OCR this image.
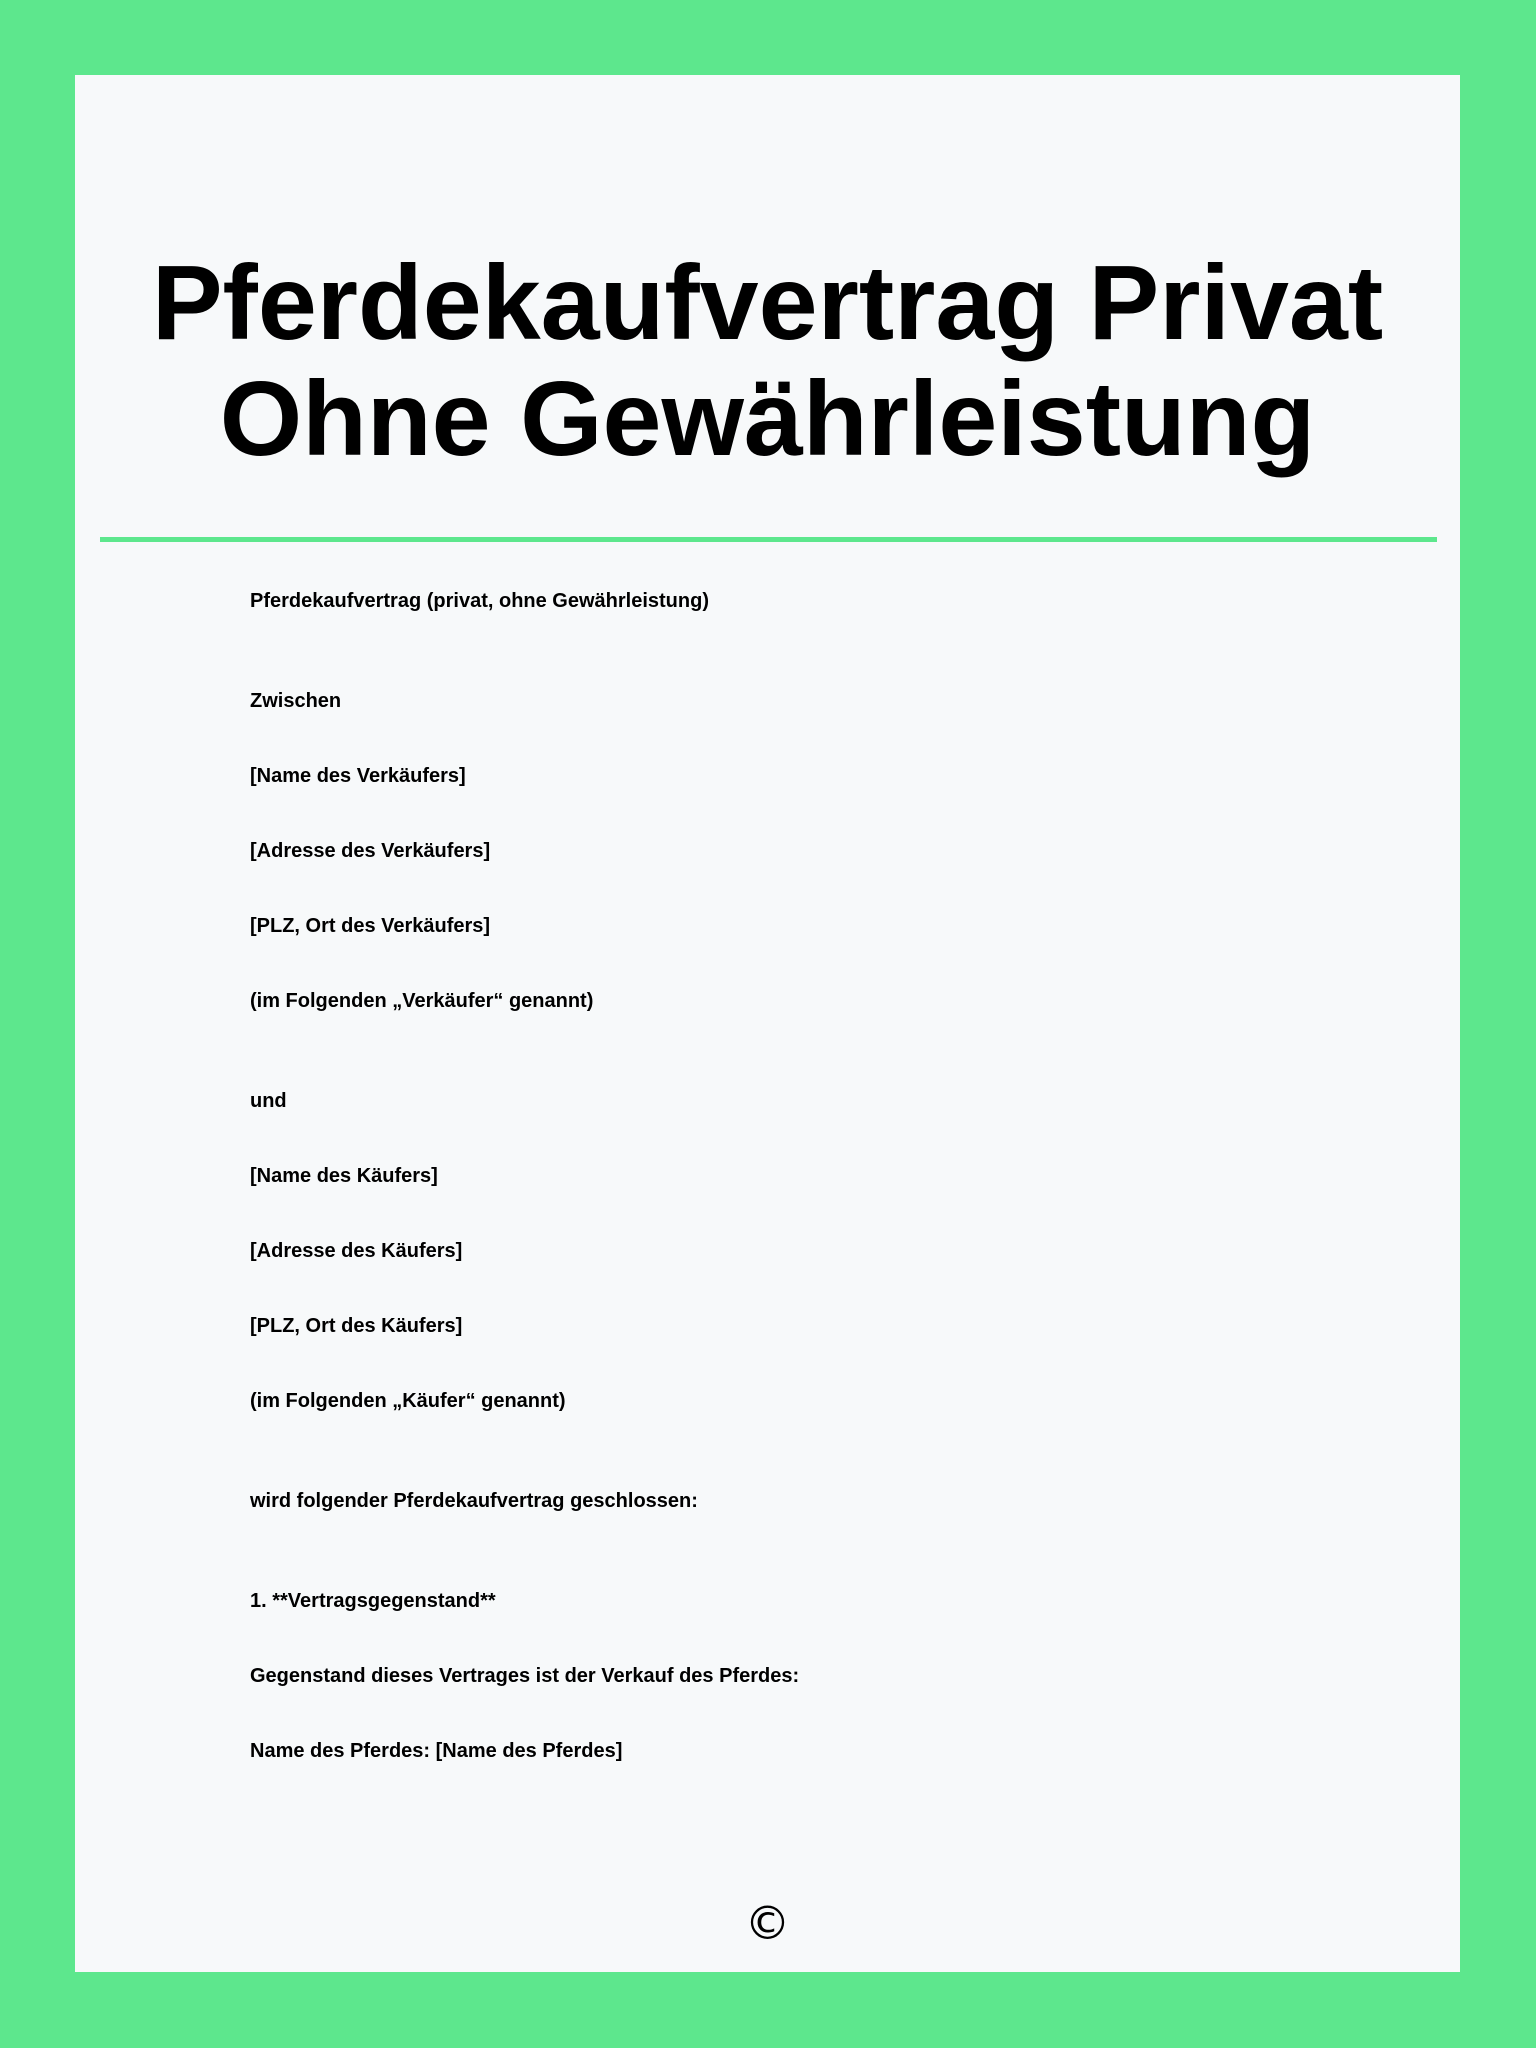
Pferdekaufvertrag Privat
Ohne Gewährleistung
Pferdekaufvertrag (privat, ohne Gewährleistung)
Zwischen
[Name des Verkäufers]
[Adresse des Verkäufers]
[PLZ, Ort des Verkäufers]
(im Folgenden „Verkäufer“ genannt)
und
[Name des Käufers]
[Adresse des Käufers]
[PLZ, Ort des Käufers]
(im Folgenden „Käufer“ genannt)
wird folgender Pferdekaufvertrag geschlossen:
1. **Vertragsgegenstand**
Gegenstand dieses Vertrages ist der Verkauf des Pferdes:
Name des Pferdes: [Name des Pferdes]
©
